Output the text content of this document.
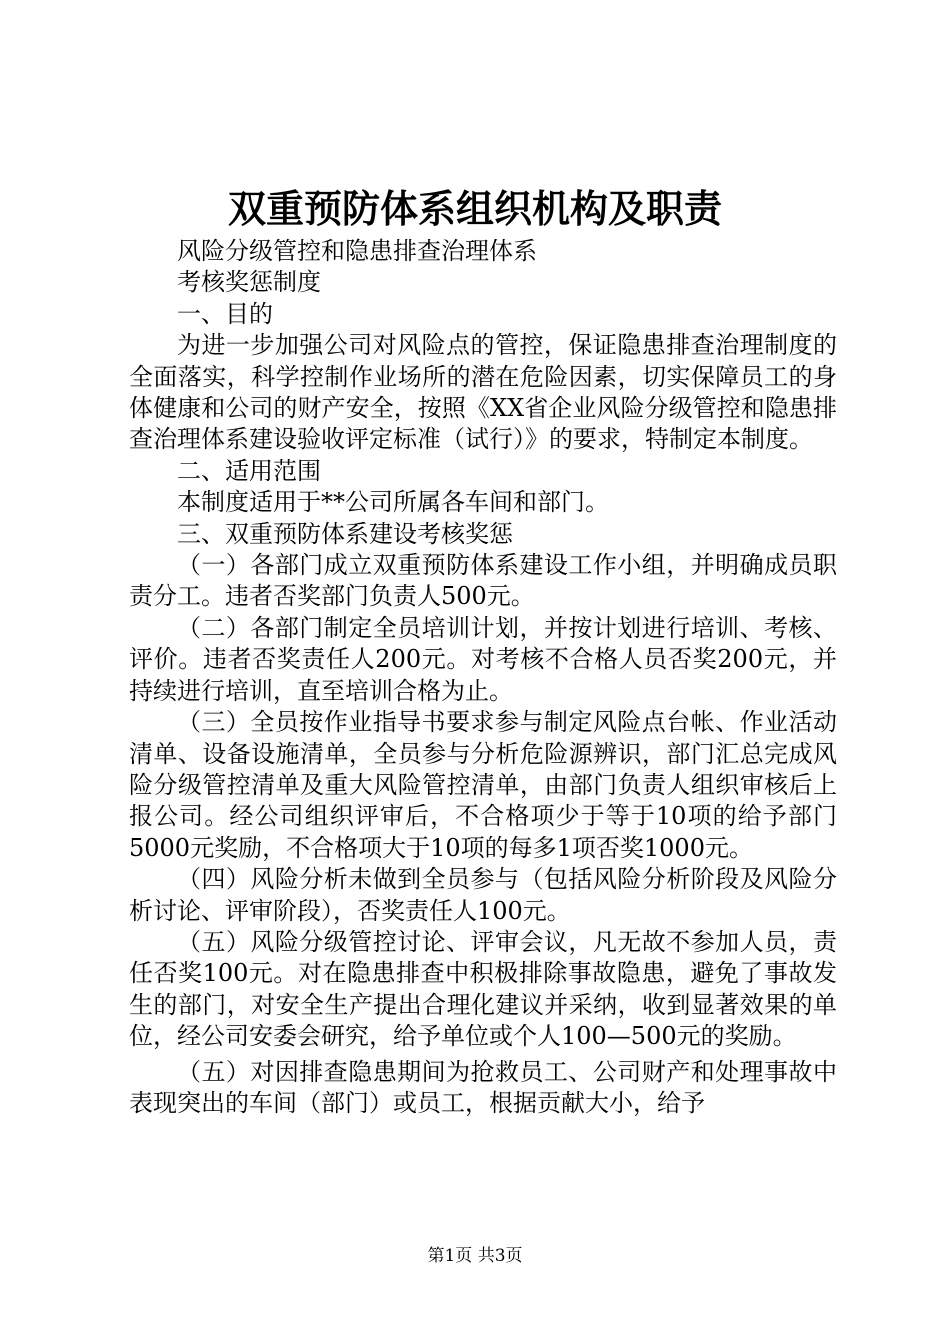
双重预防体系组织机构及职责

风险分级管控和隐患排查治理体系

考核奖惩制度

一、目的

为进一步加强公司对风险点的管控，保证隐患排查治理制度的全面落实，科学控制作业场所的潜在危险因素，切实保障员工的身体健康和公司的财产安全，按照《XX省企业风险分级管控和隐患排查治理体系建设验收评定标准（试行）》的要求，特制定本制度。

二、适用范围

本制度适用于**公司所属各车间和部门。

三、双重预防体系建设考核奖惩

（一）各部门成立双重预防体系建设工作小组，并明确成员职责分工。违者否奖部门负责人500元。

（二）各部门制定全员培训计划，并按计划进行培训、考核、评价。违者否奖责任人200元。对考核不合格人员否奖200元，并持续进行培训，直至培训合格为止。

（三）全员按作业指导书要求参与制定风险点台帐、作业活动清单、设备设施清单，全员参与分析危险源辨识，部门汇总完成风险分级管控清单及重大风险管控清单，由部门负责人组织审核后上报公司。经公司组织评审后，不合格项少于等于10项的给予部门5000元奖励，不合格项大于10项的每多1项否奖1000元。

（四）风险分析未做到全员参与（包括风险分析阶段及风险分析讨论、评审阶段），否奖责任人100元。

（五）风险分级管控讨论、评审会议，凡无故不参加人员，责任否奖100元。对在隐患排查中积极排除事故隐患，避免了事故发生的部门，对安全生产提出合理化建议并采纳，收到显著效果的单位，经公司安委会研究，给予单位或个人100—500元的奖励。

（五）对因排查隐患期间为抢救员工、公司财产和处理事故中表现突出的车间（部门）或员工，根据贡献大小，给予

第1页 共3页
